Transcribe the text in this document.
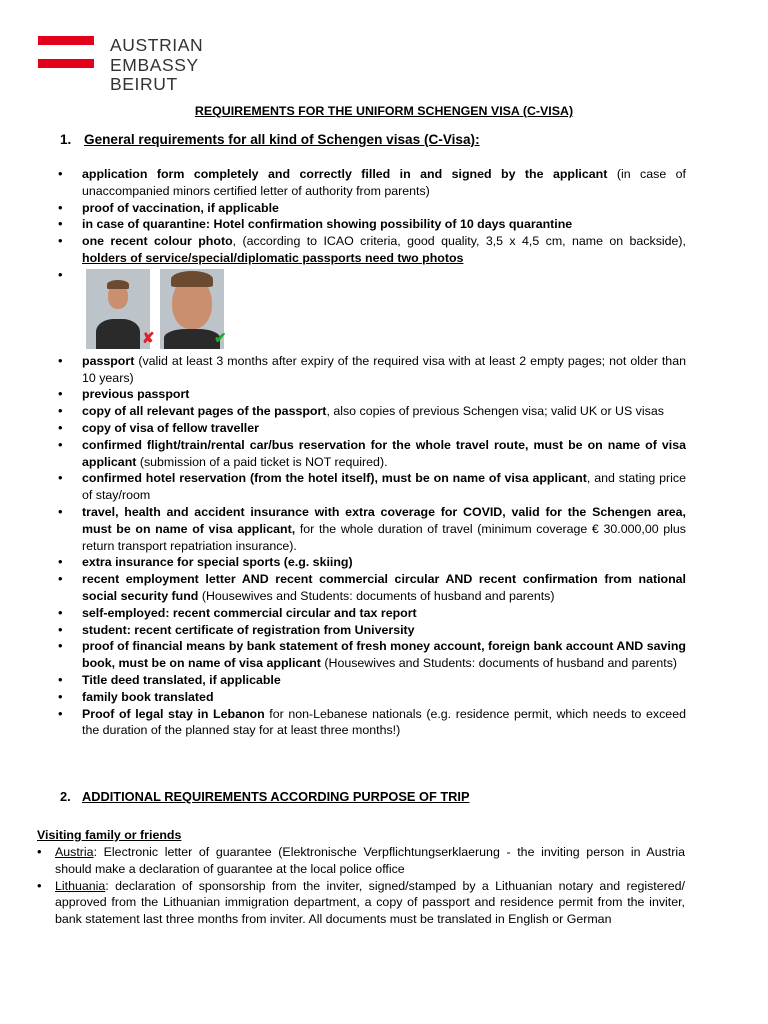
AUSTRIAN
EMBASSY
BEIRUT
REQUIREMENTS FOR THE UNIFORM SCHENGEN VISA (C-VISA)
1. General requirements for all kind of Schengen visas (C-Visa):
• application form completely and correctly filled in and signed by the applicant (in case of unaccompanied minors certified letter of authority from parents)
• proof of vaccination, if applicable
• in case of quarantine: Hotel confirmation showing possibility of 10 days quarantine
• one recent colour photo, (according to ICAO criteria, good quality, 3,5 x 4,5 cm, name on backside), holders of service/special/diplomatic passports need two photos
• ✘	✔
• passport (valid at least 3 months after expiry of the required visa with at least 2 empty pages; not older than 10 years)
• previous passport
• copy of all relevant pages of the passport, also copies of previous Schengen visa; valid UK or US visas
• copy of visa of fellow traveller
• confirmed flight/train/rental car/bus reservation for the whole travel route, must be on name of visa applicant (submission of a paid ticket is NOT required).
• confirmed hotel reservation (from the hotel itself), must be on name of visa applicant, and stating price of stay/room
• travel, health and accident insurance with extra coverage for COVID, valid for the Schengen area, must be on name of visa applicant, for the whole duration of travel (minimum coverage € 30.000,00 plus return transport repatriation insurance).
• extra insurance for special sports (e.g. skiing)
• recent employment letter AND recent commercial circular AND recent confirmation from national social security fund (Housewives and Students: documents of husband and parents)
• self-employed: recent commercial circular and tax report
• student: recent certificate of registration from University
• proof of financial means by bank statement of fresh money account, foreign bank account AND saving book, must be on name of visa applicant (Housewives and Students: documents of husband and parents)
• Title deed translated, if applicable
• family book translated
• Proof of legal stay in Lebanon for non-Lebanese nationals (e.g. residence permit, which needs to exceed the duration of the planned stay for at least three months!)
2. ADDITIONAL REQUIREMENTS ACCORDING PURPOSE OF TRIP
Visiting family or friends
• Austria: Electronic letter of guarantee (Elektronische Verpflichtungserklaerung - the inviting person in Austria should make a declaration of guarantee at the local police office
• Lithuania: declaration of sponsorship from the inviter, signed/stamped by a Lithuanian notary and registered/ approved from the Lithuanian immigration department, a copy of passport and residence permit from the inviter, bank statement last three months from inviter. All documents must be translated in English or German
